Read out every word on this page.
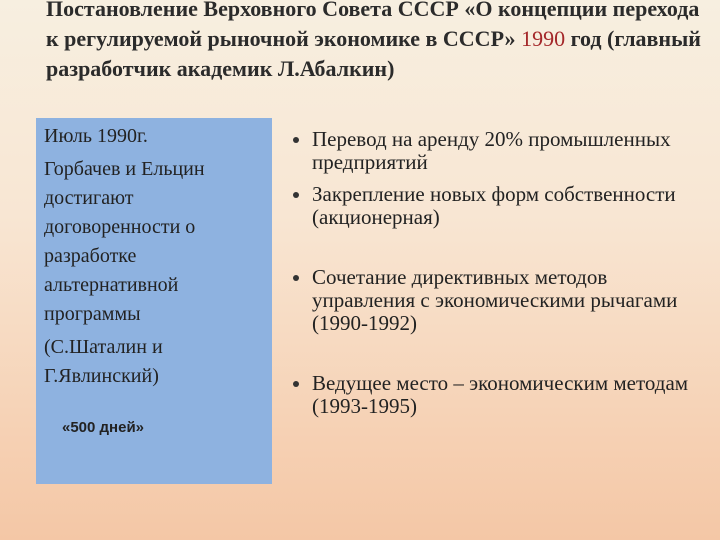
Постановление Верховного Совета СССР «О концепции перехода к регулируемой рыночной экономике в СССР» 1990 год (главный разработчик академик Л.Абалкин)

Июль 1990г.

Горбачев и Ельцин достигают договоренности о разработке альтернативной программы

(С.Шаталин и Г.Явлинский)

«500 дней»

Перевод на аренду 20% промышленных предприятий
Закрепление новых форм собственности (акционерная)
Сочетание директивных методов управления с экономическими рычагами (1990-1992)
Ведущее место – экономическим методам (1993-1995)
